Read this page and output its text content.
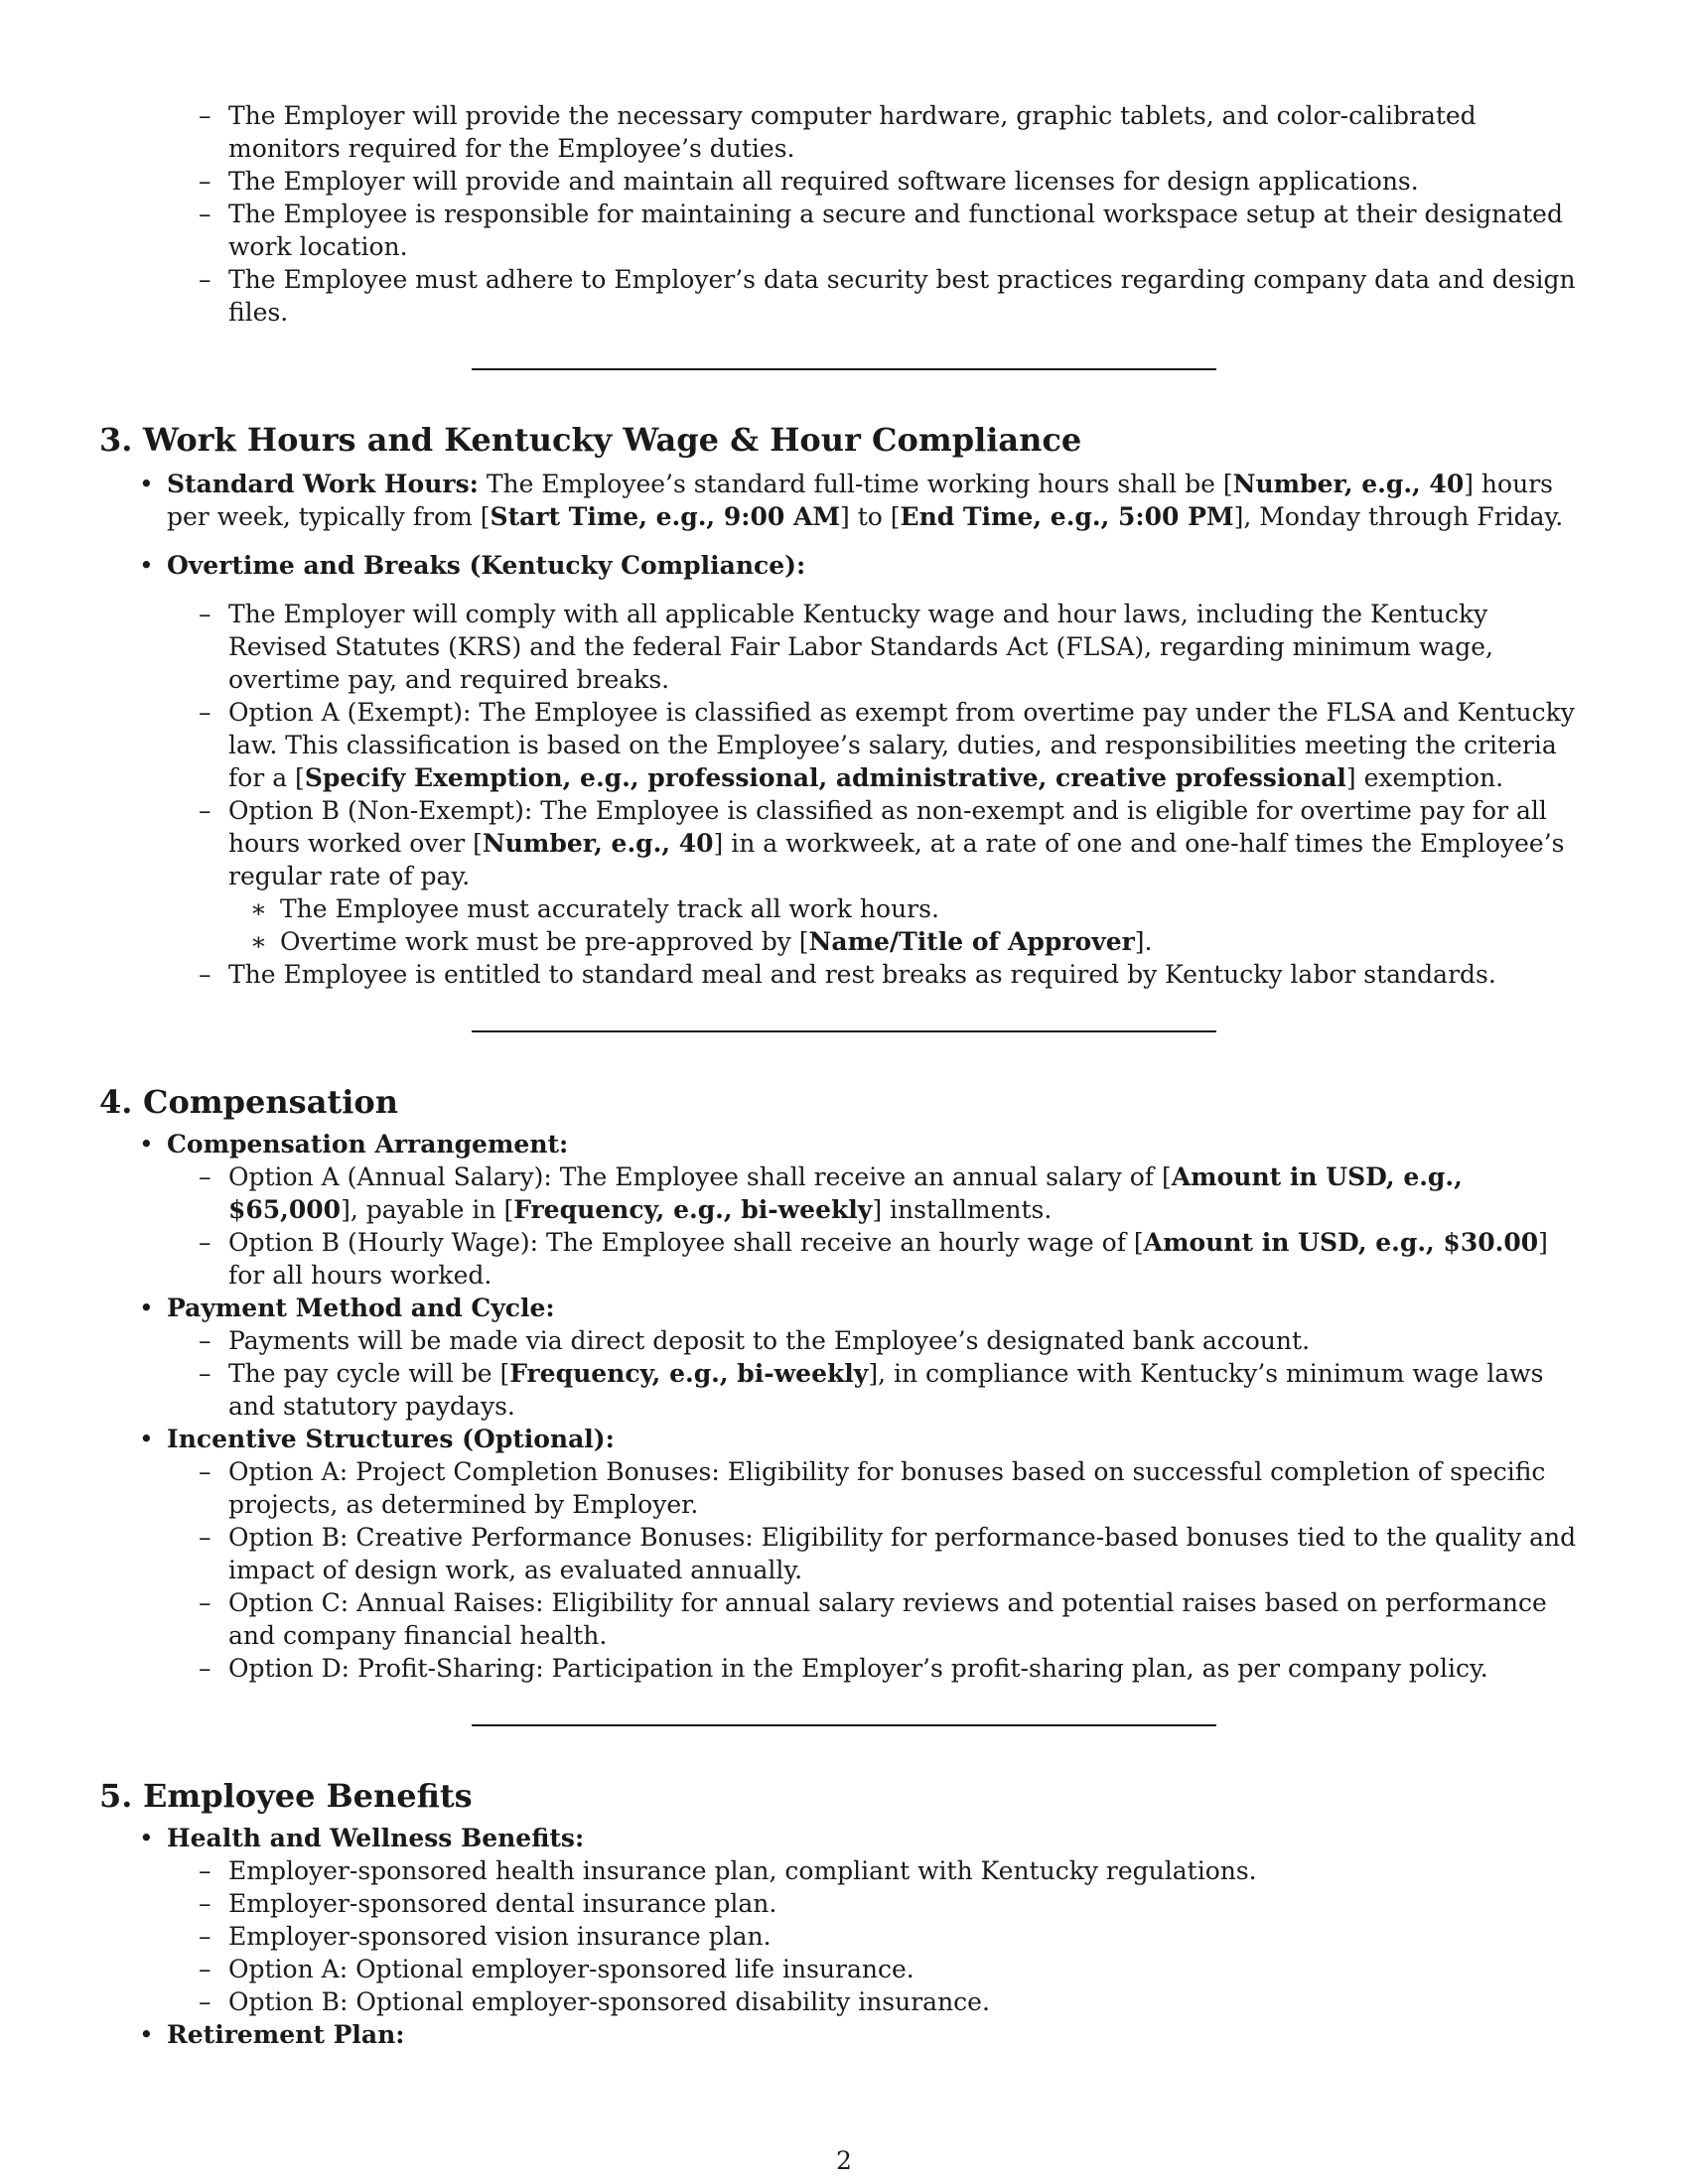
– The Employer will provide the necessary computer hardware, graphic tablets, and color-calibrated monitors required for the Employee’s duties.
– The Employer will provide and maintain all required software licenses for design applications.
– The Employee is responsible for maintaining a secure and functional workspace setup at their designated work location.
– The Employee must adhere to Employer’s data security best practices regarding company data and design files.
3. Work Hours and Kentucky Wage & Hour Compliance
• Standard Work Hours: The Employee’s standard full-time working hours shall be [Number, e.g., 40] hours per week, typically from [Start Time, e.g., 9:00 AM] to [End Time, e.g., 5:00 PM], Monday through Friday.
• Overtime and Breaks (Kentucky Compliance):
– The Employer will comply with all applicable Kentucky wage and hour laws, including the Kentucky Revised Statutes (KRS) and the federal Fair Labor Standards Act (FLSA), regarding minimum wage, overtime pay, and required breaks.
– Option A (Exempt): The Employee is classified as exempt from overtime pay under the FLSA and Kentucky law. This classification is based on the Employee’s salary, duties, and responsibilities meeting the criteria for a [Specify Exemption, e.g., professional, administrative, creative professional] exemption.
– Option B (Non-Exempt): The Employee is classified as non-exempt and is eligible for overtime pay for all hours worked over [Number, e.g., 40] in a workweek, at a rate of one and one-half times the Employee’s regular rate of pay.
∗ The Employee must accurately track all work hours.
∗ Overtime work must be pre-approved by [Name/Title of Approver].
– The Employee is entitled to standard meal and rest breaks as required by Kentucky labor standards.
4. Compensation
• Compensation Arrangement:
– Option A (Annual Salary): The Employee shall receive an annual salary of [Amount in USD, e.g., $65,000], payable in [Frequency, e.g., bi-weekly] installments.
– Option B (Hourly Wage): The Employee shall receive an hourly wage of [Amount in USD, e.g., $30.00] for all hours worked.
• Payment Method and Cycle:
– Payments will be made via direct deposit to the Employee’s designated bank account.
– The pay cycle will be [Frequency, e.g., bi-weekly], in compliance with Kentucky’s minimum wage laws and statutory paydays.
• Incentive Structures (Optional):
– Option A: Project Completion Bonuses: Eligibility for bonuses based on successful completion of specific projects, as determined by Employer.
– Option B: Creative Performance Bonuses: Eligibility for performance-based bonuses tied to the quality and impact of design work, as evaluated annually.
– Option C: Annual Raises: Eligibility for annual salary reviews and potential raises based on performance and company financial health.
– Option D: Profit-Sharing: Participation in the Employer’s profit-sharing plan, as per company policy.
5. Employee Benefits
• Health and Wellness Benefits:
– Employer-sponsored health insurance plan, compliant with Kentucky regulations.
– Employer-sponsored dental insurance plan.
– Employer-sponsored vision insurance plan.
– Option A: Optional employer-sponsored life insurance.
– Option B: Optional employer-sponsored disability insurance.
• Retirement Plan:
2
